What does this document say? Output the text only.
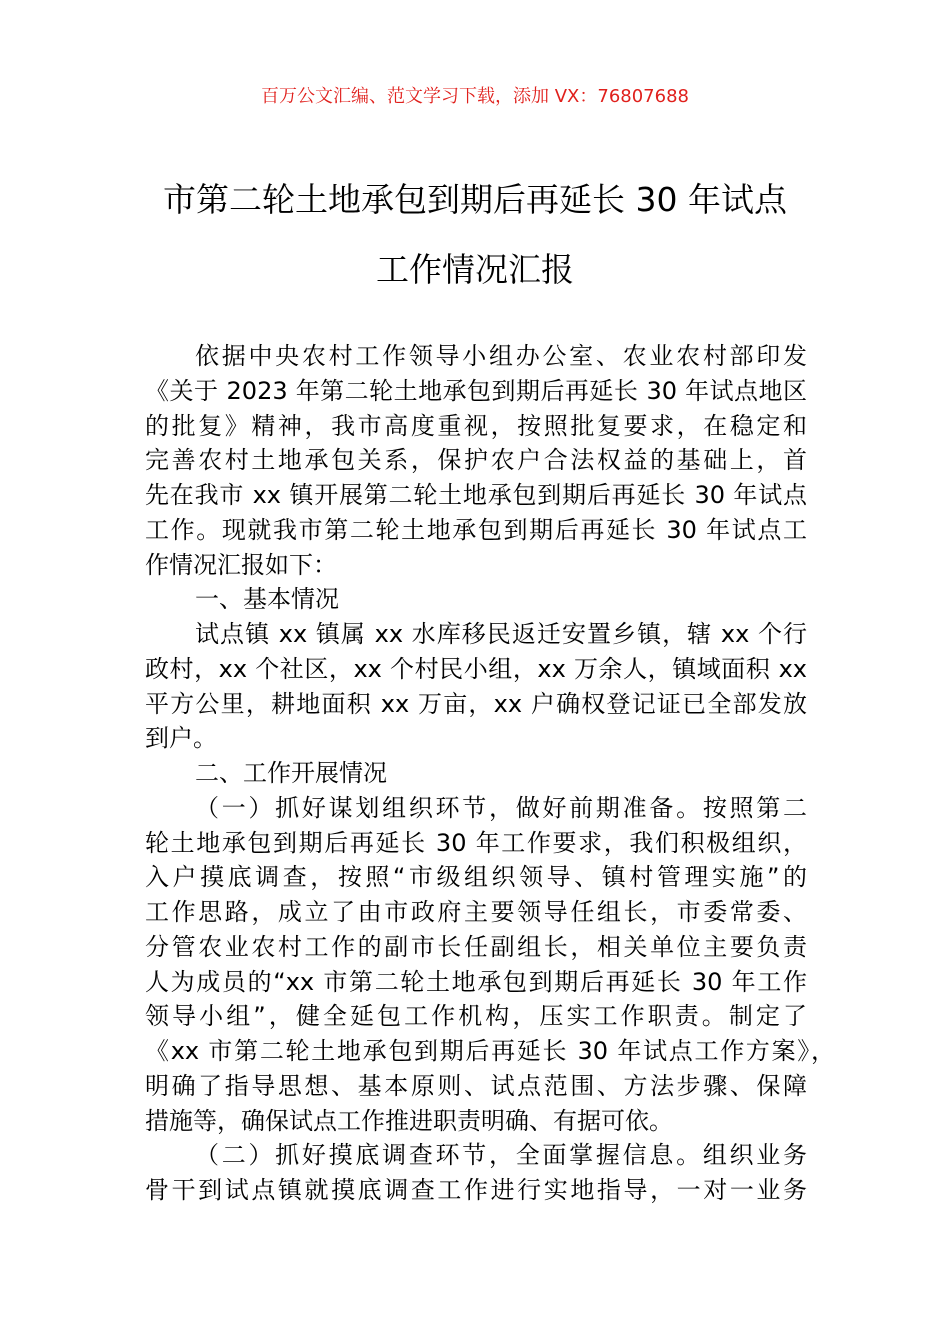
百万公文汇编、范文学习下载，添加 VX：76807688
市第二轮土地承包到期后再延长 30 年试点
工作情况汇报
依据中央农村工作领导小组办公室、农业农村部印发
《关于 2023 年第二轮土地承包到期后再延长 30 年试点地区
的批复》精神，我市高度重视，按照批复要求，在稳定和
完善农村土地承包关系，保护农户合法权益的基础上，首
先在我市 xx 镇开展第二轮土地承包到期后再延长 30 年试点
工作。现就我市第二轮土地承包到期后再延长 30 年试点工
作情况汇报如下：
一、基本情况
试点镇 xx 镇属 xx 水库移民返迁安置乡镇，辖 xx 个行
政村，xx 个社区，xx 个村民小组，xx 万余人，镇域面积 xx
平方公里，耕地面积 xx 万亩，xx 户确权登记证已全部发放
到户。
二、工作开展情况
（一）抓好谋划组织环节，做好前期准备。按照第二
轮土地承包到期后再延长 30 年工作要求，我们积极组织，
入户摸底调查，按照“市级组织领导、镇村管理实施”的
工作思路，成立了由市政府主要领导任组长，市委常委、
分管农业农村工作的副市长任副组长，相关单位主要负责
人为成员的“xx 市第二轮土地承包到期后再延长 30 年工作
领导小组”，健全延包工作机构，压实工作职责。制定了
《xx 市第二轮土地承包到期后再延长 30 年试点工作方案》，
明确了指导思想、基本原则、试点范围、方法步骤、保障
措施等，确保试点工作推进职责明确、有据可依。
（二）抓好摸底调查环节，全面掌握信息。组织业务
骨干到试点镇就摸底调查工作进行实地指导，一对一业务
